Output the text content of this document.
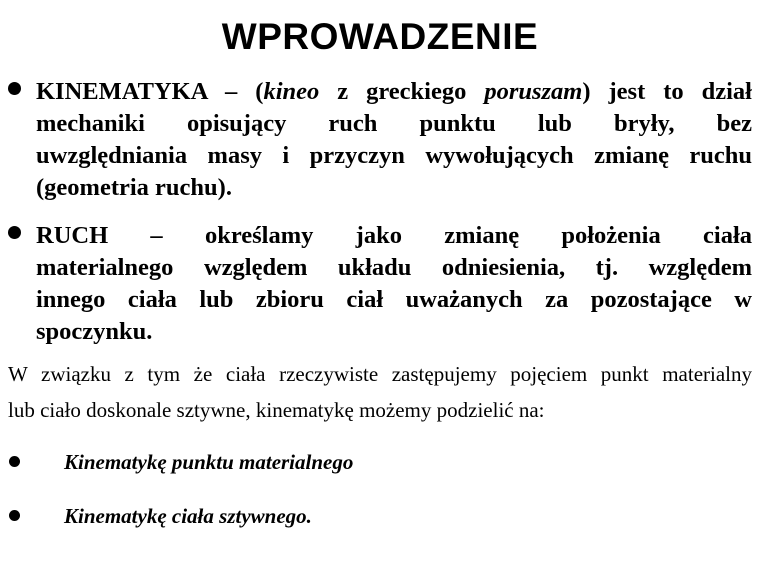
WPROWADZENIE
KINEMATYKA – (kineo z greckiego poruszam) jest to dział
mechaniki opisujący ruch punktu lub bryły, bez
uwzględniania masy i przyczyn wywołujących zmianę ruchu
(geometria ruchu).
RUCH – określamy jako zmianę położenia ciała
materialnego względem układu odniesienia, tj. względem
innego ciała lub zbioru ciał uważanych za pozostające w
spoczynku.
W związku z tym że ciała rzeczywiste zastępujemy pojęciem punkt materialny
lub ciało doskonale sztywne, kinematykę możemy podzielić na:
Kinematykę punktu materialnego
Kinematykę ciała sztywnego.
